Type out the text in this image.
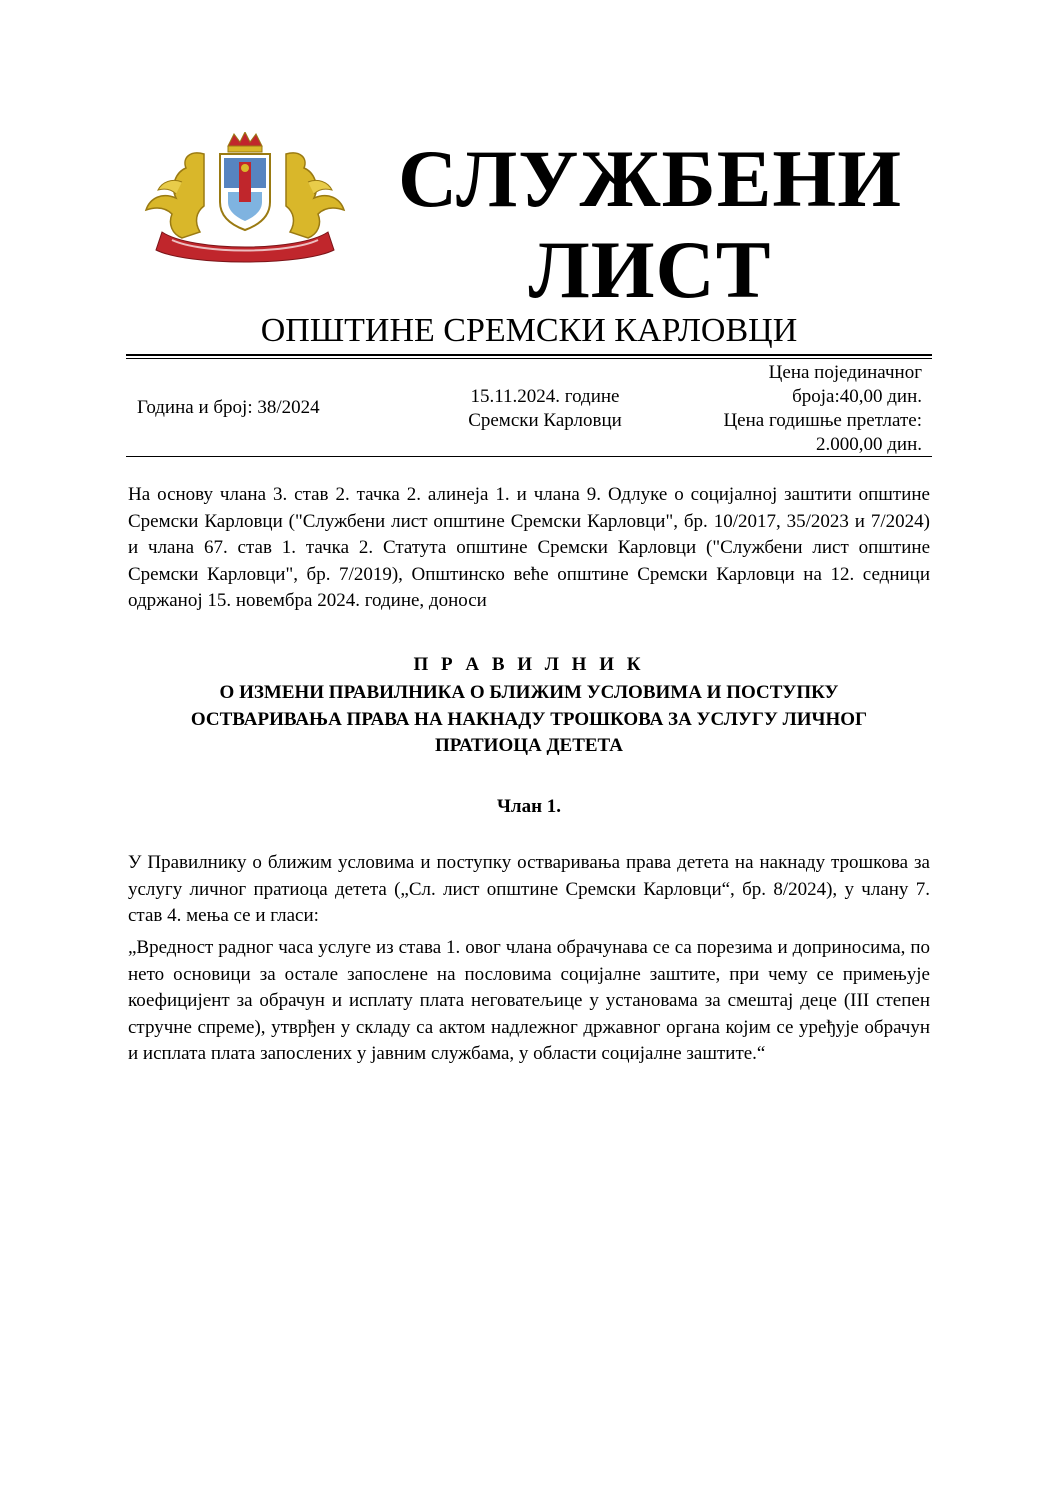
СЛУЖБЕНИ
ЛИСТ
ОПШТИНЕ СРЕМСКИ КАРЛОВЦИ
Година и број: 38/2024
15.11.2024. године
Сремски Карловци
Цена појединачног
броја:40,00 дин.
Цена годишње претлате:
2.000,00 дин.
На основу члана 3. став 2. тачка 2. алинеја 1. и члана 9. Одлуке о социјалној заштити општине Сремски Карловци ("Службени лист општине Сремски Карловци", бр. 10/2017, 35/2023 и 7/2024) и члана 67. став 1. тачка 2. Статута општине Сремски Карловци ("Службени лист општине Сремски Карловци", бр. 7/2019), Општинско веће општине Сремски Карловци на 12. седници одржаној 15. новембра 2024. године, доноси
П Р А В И Л Н И К
О ИЗМЕНИ ПРАВИЛНИКА О БЛИЖИМ УСЛОВИМА И ПОСТУПКУ
ОСТВАРИВАЊА ПРАВА НА НАКНАДУ ТРОШКОВА ЗА УСЛУГУ ЛИЧНОГ
ПРАТИОЦА ДЕТЕТА
Члан 1.
У Правилнику о ближим условима и поступку остваривања права детета на накнаду трошкова за услугу личног пратиоца детета („Сл. лист општине Сремски Карловци“, бр. 8/2024), у члану 7. став 4. мења се и гласи:
„Вредност радног часа услуге из става 1. овог члана обрачунава се са порезима и доприносима, по нето основици за остале запослене на пословима социјалне заштите, при чему се примењује коефицијент за обрачун и исплату плата неговатељице у установама за смештај деце (III степен стручне спреме), утврђен у складу са актом надлежног државног органа којим се уређује обрачун и исплата плата запослених у јавним службама, у области социјалне заштите.“
